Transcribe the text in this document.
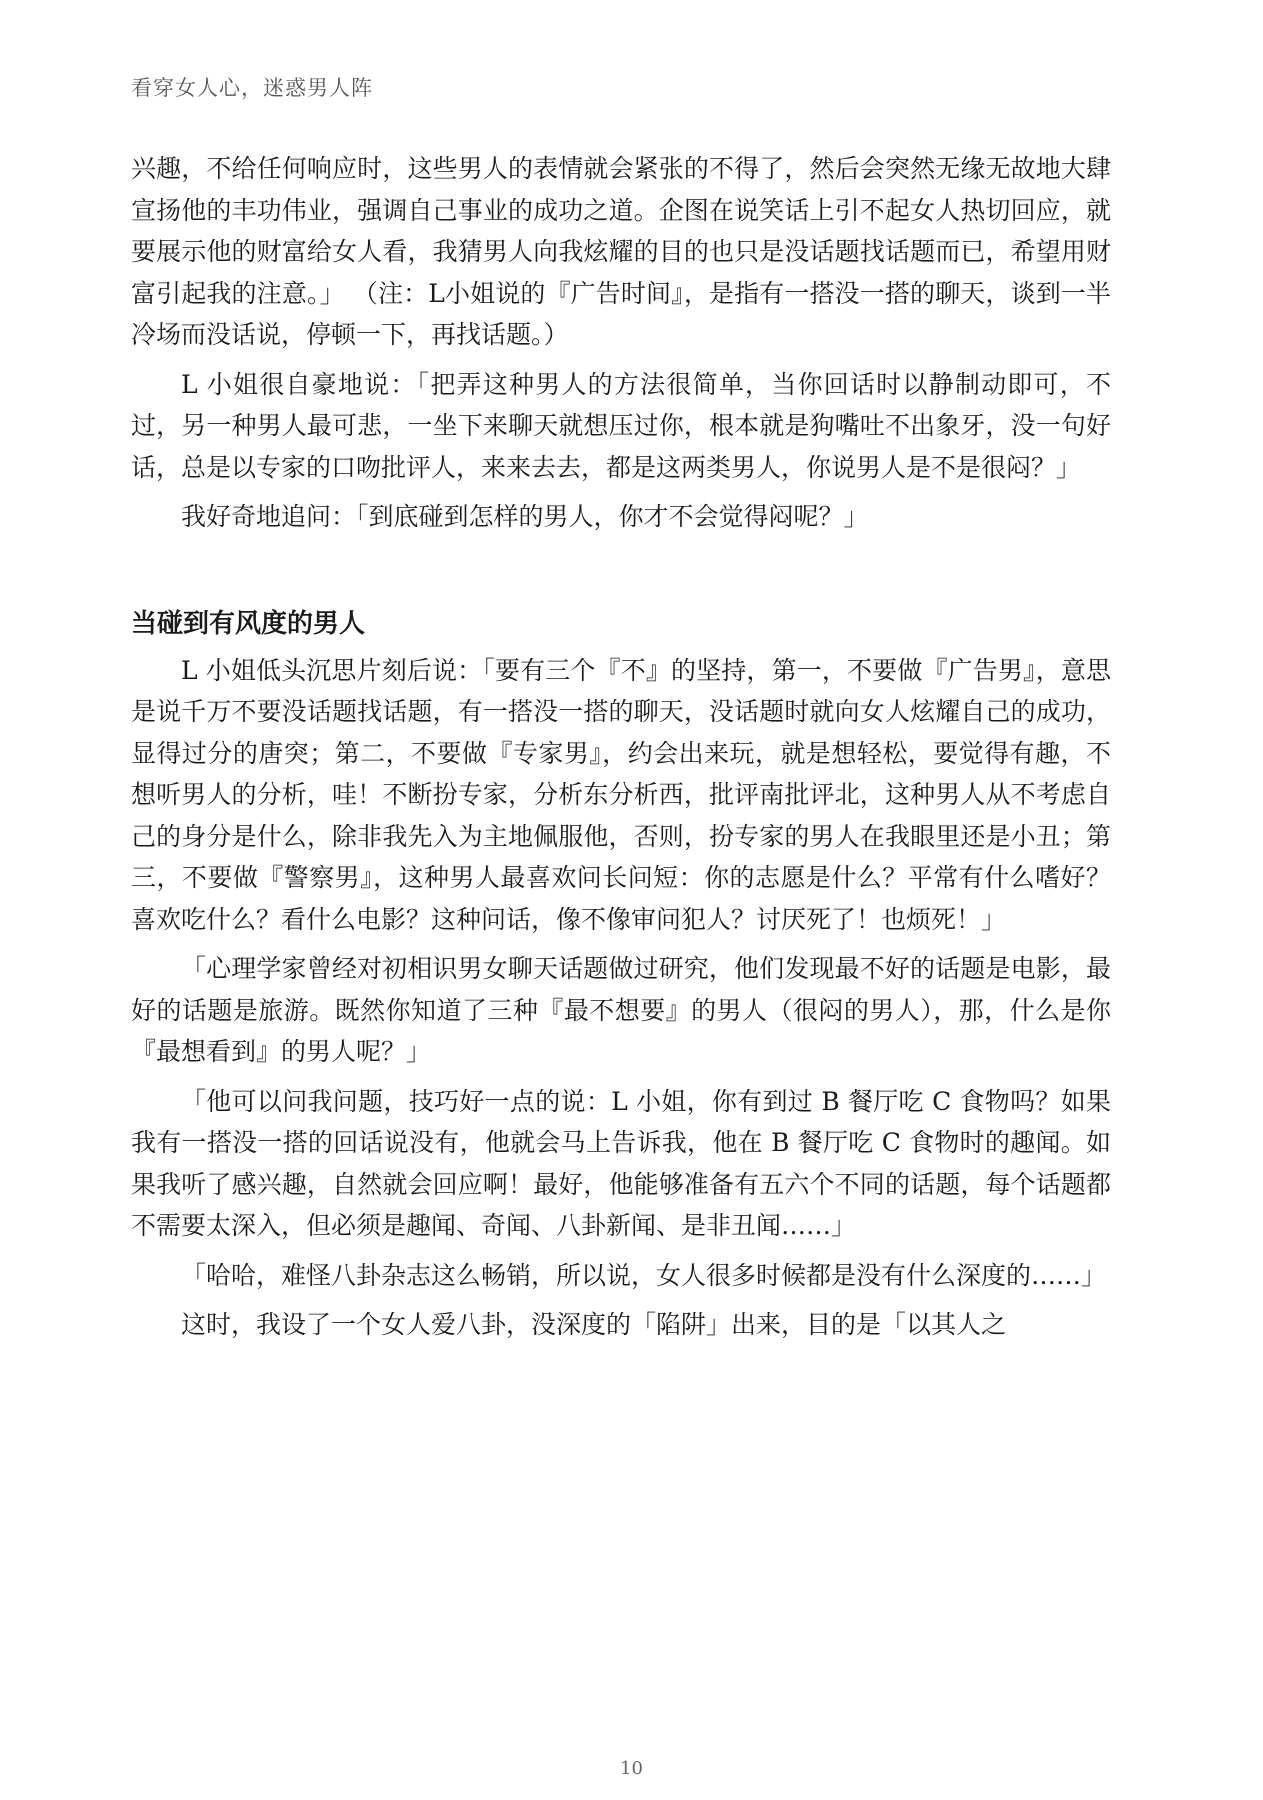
看穿女人心，迷惑男人阵

兴趣，不给任何响应时，这些男人的表情就会紧张的不得了，然后会突然无缘无故地大肆宣扬他的丰功伟业，强调自己事业的成功之道。企图在说笑话上引不起女人热切回应，就要展示他的财富给女人看，我猜男人向我炫耀的目的也只是没话题找话题而已，希望用财富引起我的注意。」 （注：L小姐说的『广告时间』，是指有一搭没一搭的聊天，谈到一半冷场而没话说，停顿一下，再找话题。）

L 小姐很自豪地说：「把弄这种男人的方法很简单，当你回话时以静制动即可，不过，另一种男人最可悲，一坐下来聊天就想压过你，根本就是狗嘴吐不出象牙，没一句好话，总是以专家的口吻批评人，来来去去，都是这两类男人，你说男人是不是很闷？」

我好奇地追问：「到底碰到怎样的男人，你才不会觉得闷呢？」

当碰到有风度的男人

L 小姐低头沉思片刻后说：「要有三个『不』的坚持，第一，不要做『广告男』，意思是说千万不要没话题找话题，有一搭没一搭的聊天，没话题时就向女人炫耀自己的成功，显得过分的唐突；第二，不要做『专家男』，约会出来玩，就是想轻松，要觉得有趣，不想听男人的分析，哇！不断扮专家，分析东分析西，批评南批评北，这种男人从不考虑自己的身分是什么，除非我先入为主地佩服他，否则，扮专家的男人在我眼里还是小丑；第三，不要做『警察男』，这种男人最喜欢问长问短：你的志愿是什么？平常有什么嗜好？喜欢吃什么？看什么电影？这种问话，像不像审问犯人？讨厌死了！也烦死！」

「心理学家曾经对初相识男女聊天话题做过研究，他们发现最不好的话题是电影，最好的话题是旅游。既然你知道了三种『最不想要』的男人（很闷的男人），那，什么是你『最想看到』的男人呢？」

「他可以问我问题，技巧好一点的说：L 小姐，你有到过 B 餐厅吃 C 食物吗？如果我有一搭没一搭的回话说没有，他就会马上告诉我，他在 B 餐厅吃 C 食物时的趣闻。如果我听了感兴趣，自然就会回应啊！最好，他能够准备有五六个不同的话题，每个话题都不需要太深入，但必须是趣闻、奇闻、八卦新闻、是非丑闻……」

「哈哈，难怪八卦杂志这么畅销，所以说，女人很多时候都是没有什么深度的……」

这时，我设了一个女人爱八卦，没深度的「陷阱」出来，目的是「以其人之

10
